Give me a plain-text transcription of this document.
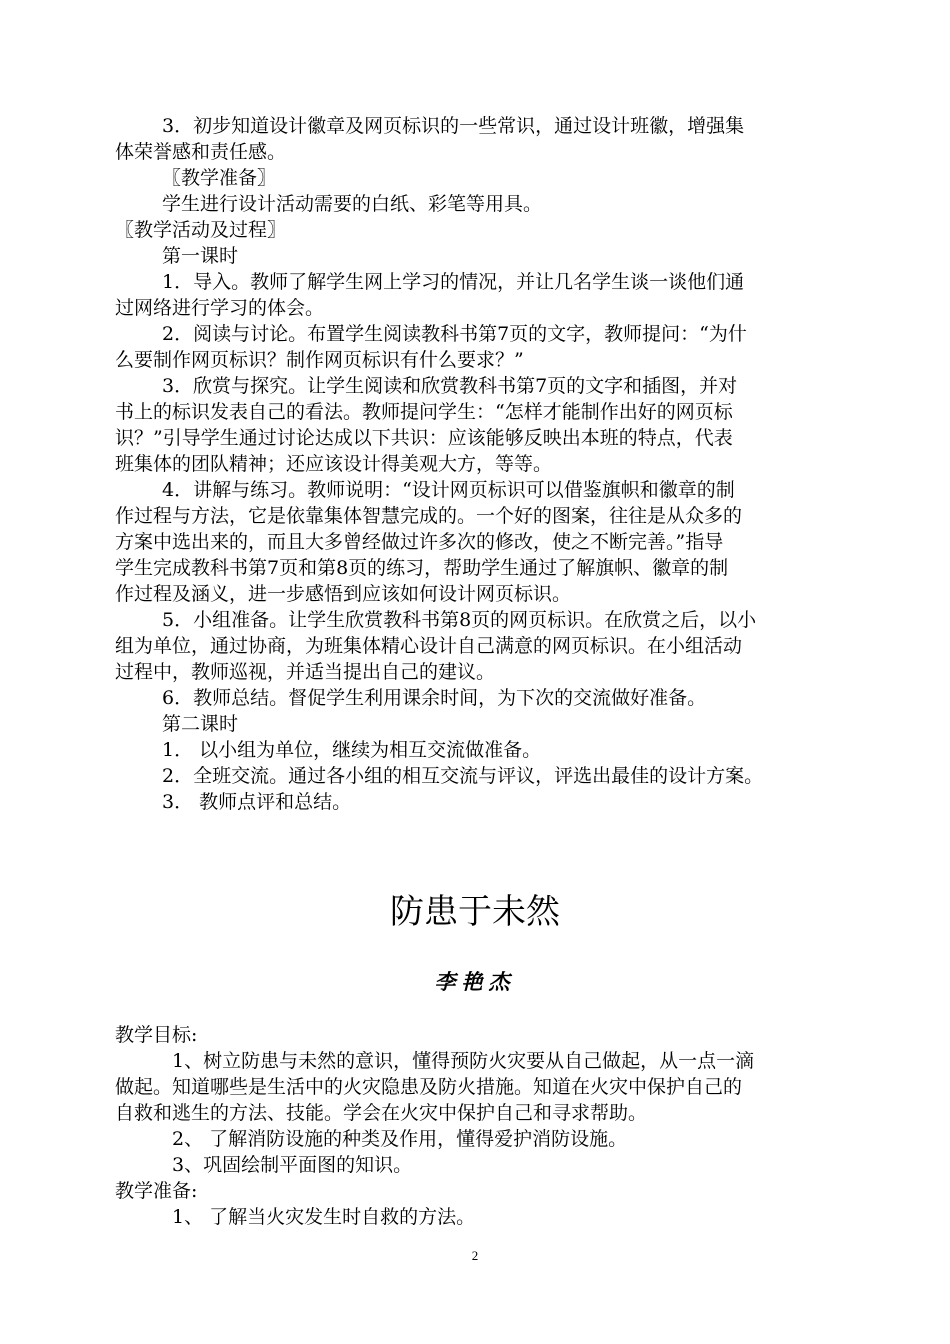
3．初步知道设计徽章及网页标识的一些常识，通过设计班徽，增强集
体荣誉感和责任感。
〖教学准备〗
学生进行设计活动需要的白纸、彩笔等用具。
〖教学活动及过程〗
第一课时
1．导入。教师了解学生网上学习的情况，并让几名学生谈一谈他们通
过网络进行学习的体会。
2．阅读与讨论。布置学生阅读教科书第7页的文字，教师提问：“为什
么要制作网页标识？制作网页标识有什么要求？”
3．欣赏与探究。让学生阅读和欣赏教科书第7页的文字和插图，并对
书上的标识发表自己的看法。教师提问学生：“怎样才能制作出好的网页标
识？”引导学生通过讨论达成以下共识：应该能够反映出本班的特点，代表
班集体的团队精神；还应该设计得美观大方，等等。
4．讲解与练习。教师说明：“设计网页标识可以借鉴旗帜和徽章的制
作过程与方法，它是依靠集体智慧完成的。一个好的图案，往往是从众多的
方案中选出来的，而且大多曾经做过许多次的修改，使之不断完善。”指导
学生完成教科书第7页和第8页的练习，帮助学生通过了解旗帜、徽章的制
作过程及涵义，进一步感悟到应该如何设计网页标识。
5．小组准备。让学生欣赏教科书第8页的网页标识。在欣赏之后，以小
组为单位，通过协商，为班集体精心设计自己满意的网页标识。在小组活动
过程中，教师巡视，并适当提出自己的建议。
6．教师总结。督促学生利用课余时间，为下次的交流做好准备。
第二课时
1． 以小组为单位，继续为相互交流做准备。
2．全班交流。通过各小组的相互交流与评议，评选出最佳的设计方案。
3． 教师点评和总结。
防患于未然
李艳杰
教学目标:
1、树立防患与未然的意识，懂得预防火灾要从自己做起，从一点一滴
做起。知道哪些是生活中的火灾隐患及防火措施。知道在火灾中保护自己的
自救和逃生的方法、技能。学会在火灾中保护自己和寻求帮助。
2、 了解消防设施的种类及作用，懂得爱护消防设施。
3、巩固绘制平面图的知识。
教学准备:
1、 了解当火灾发生时自救的方法。
2
